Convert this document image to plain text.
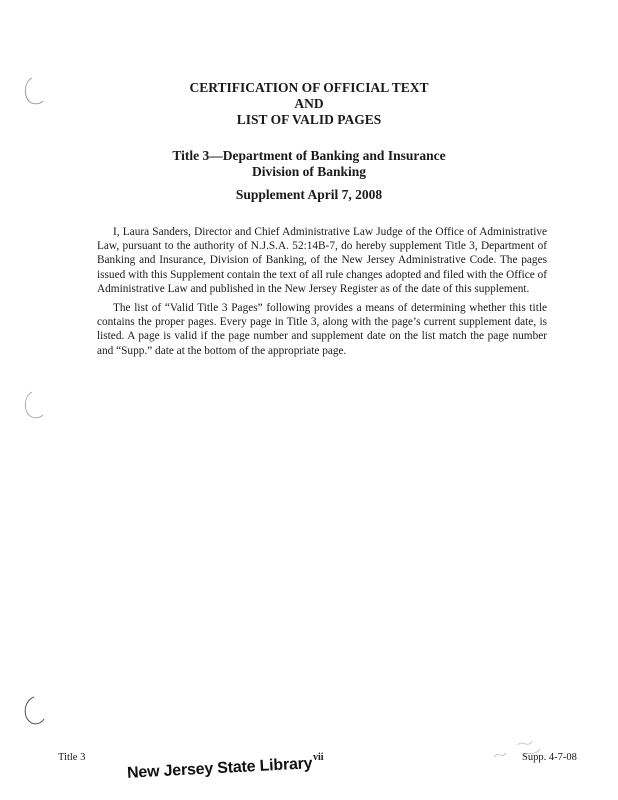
CERTIFICATION OF OFFICIAL TEXT
AND
LIST OF VALID PAGES
Title 3—Department of Banking and Insurance
Division of Banking
Supplement April 7, 2008

I, Laura Sanders, Director and Chief Administrative Law Judge of the Office of Administrative Law, pursuant to the authority of N.J.S.A. 52:14B-7, do hereby supplement Title 3, Department of Banking and Insurance, Division of Banking, of the New Jersey Administrative Code. The pages issued with this Supplement contain the text of all rule changes adopted and filed with the Office of Administrative Law and published in the New Jersey Register as of the date of this supplement.

The list of “Valid Title 3 Pages” following provides a means of determining whether this title contains the proper pages. Every page in Title 3, along with the page’s current supplement date, is listed. A page is valid if the page number and supplement date on the list match the page number and “Supp.” date at the bottom of the appropriate page.

Title 3	vii	Supp. 4-7-08
New Jersey State Library
